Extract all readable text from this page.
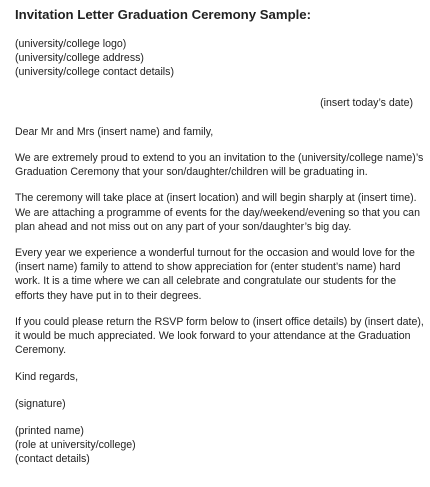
Invitation Letter Graduation Ceremony Sample:
(university/college logo)
(university/college address)
(university/college contact details)
(insert today’s date)
Dear Mr and Mrs (insert name) and family,
We are extremely proud to extend to you an invitation to the (university/college name)’s
Graduation Ceremony that your son/daughter/children will be graduating in.
The ceremony will take place at (insert location) and will begin sharply at (insert time).
We are attaching a programme of events for the day/weekend/evening so that you can
plan ahead and not miss out on any part of your son/daughter’s big day.
Every year we experience a wonderful turnout for the occasion and would love for the
(insert name) family to attend to show appreciation for (enter student’s name) hard
work. It is a time where we can all celebrate and congratulate our students for the
efforts they have put in to their degrees.
If you could please return the RSVP form below to (insert office details) by (insert date),
it would be much appreciated. We look forward to your attendance at the Graduation
Ceremony.
Kind regards,
(signature)
(printed name)
(role at university/college)
(contact details)
